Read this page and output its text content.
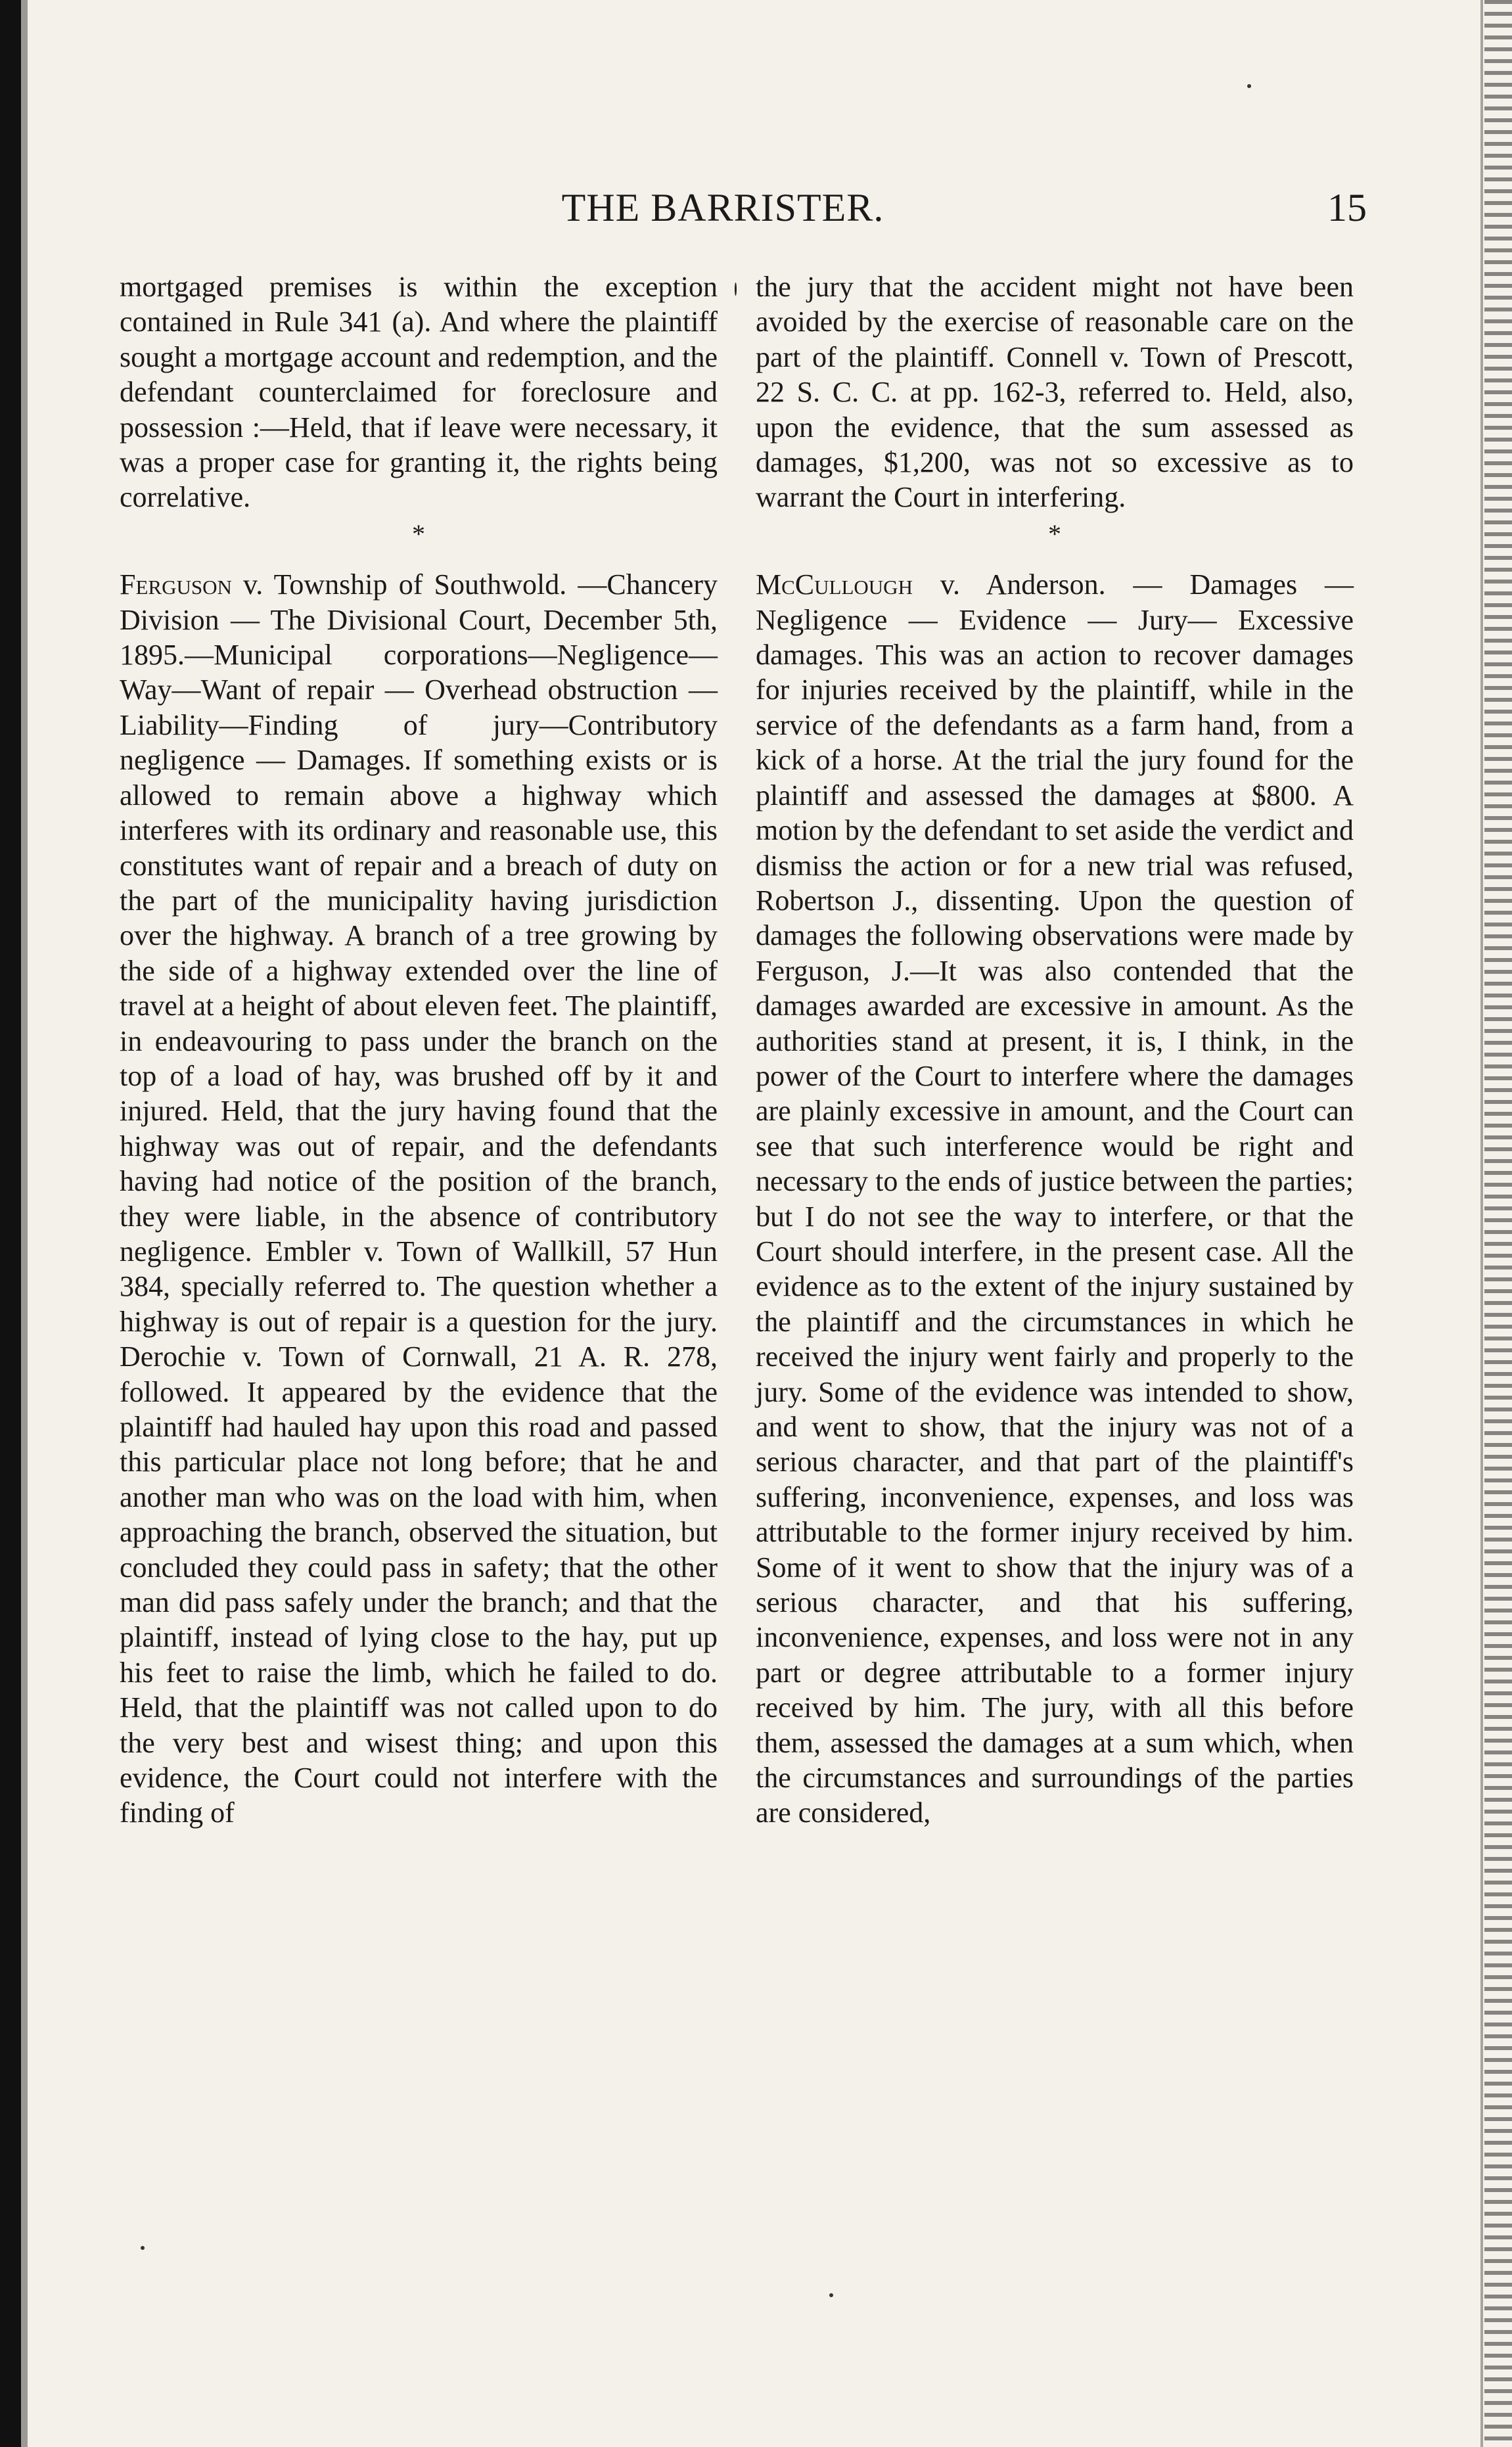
THE BARRISTER.	15

mortgaged premises is within the exception contained in Rule 341 (a). And where the plaintiff sought a mortgage account and redemption, and the defendant counterclaimed for foreclosure and possession :—Held, that if leave were necessary, it was a proper case for granting it, the rights being correlative.

*

Ferguson v. Township of Southwold. —Chancery Division — The Divisional Court, December 5th, 1895.—Municipal corporations—Negligence—Way—Want of repair — Overhead obstruction — Liability—Finding of jury—Contributory negligence — Damages. If something exists or is allowed to remain above a highway which interferes with its ordinary and reasonable use, this constitutes want of repair and a breach of duty on the part of the municipality having jurisdiction over the highway. A branch of a tree growing by the side of a highway extended over the line of travel at a height of about eleven feet. The plaintiff, in endeavouring to pass under the branch on the top of a load of hay, was brushed off by it and injured. Held, that the jury having found that the highway was out of repair, and the defendants having had notice of the position of the branch, they were liable, in the absence of contributory negligence. Embler v. Town of Wallkill, 57 Hun 384, specially referred to. The question whether a highway is out of repair is a question for the jury. Derochie v. Town of Cornwall, 21 A. R. 278, followed. It appeared by the evidence that the plaintiff had hauled hay upon this road and passed this particular place not long before; that he and another man who was on the load with him, when approaching the branch, observed the situation, but concluded they could pass in safety; that the other man did pass safely under the branch; and that the plaintiff, instead of lying close to the hay, put up his feet to raise the limb, which he failed to do. Held, that the plaintiff was not called upon to do the very best and wisest thing; and upon this evidence, the Court could not interfere with the finding of

the jury that the accident might not have been avoided by the exercise of reasonable care on the part of the plaintiff. Connell v. Town of Prescott, 22 S. C. C. at pp. 162-3, referred to. Held, also, upon the evidence, that the sum assessed as damages, $1,200, was not so excessive as to warrant the Court in interfering.

*

McCullough v. Anderson. — Damages — Negligence — Evidence — Jury— Excessive damages. This was an action to recover damages for injuries received by the plaintiff, while in the service of the defendants as a farm hand, from a kick of a horse. At the trial the jury found for the plaintiff and assessed the damages at $800. A motion by the defendant to set aside the verdict and dismiss the action or for a new trial was refused, Robertson J., dissenting. Upon the question of damages the following observations were made by Ferguson, J.—It was also contended that the damages awarded are excessive in amount. As the authorities stand at present, it is, I think, in the power of the Court to interfere where the damages are plainly excessive in amount, and the Court can see that such interference would be right and necessary to the ends of justice between the parties; but I do not see the way to interfere, or that the Court should interfere, in the present case. All the evidence as to the extent of the injury sustained by the plaintiff and the circumstances in which he received the injury went fairly and properly to the jury. Some of the evidence was intended to show, and went to show, that the injury was not of a serious character, and that part of the plaintiff's suffering, inconvenience, expenses, and loss was attributable to the former injury received by him. Some of it went to show that the injury was of a serious character, and that his suffering, inconvenience, expenses, and loss were not in any part or degree attributable to a former injury received by him. The jury, with all this before them, assessed the damages at a sum which, when the circumstances and surroundings of the parties are considered,
